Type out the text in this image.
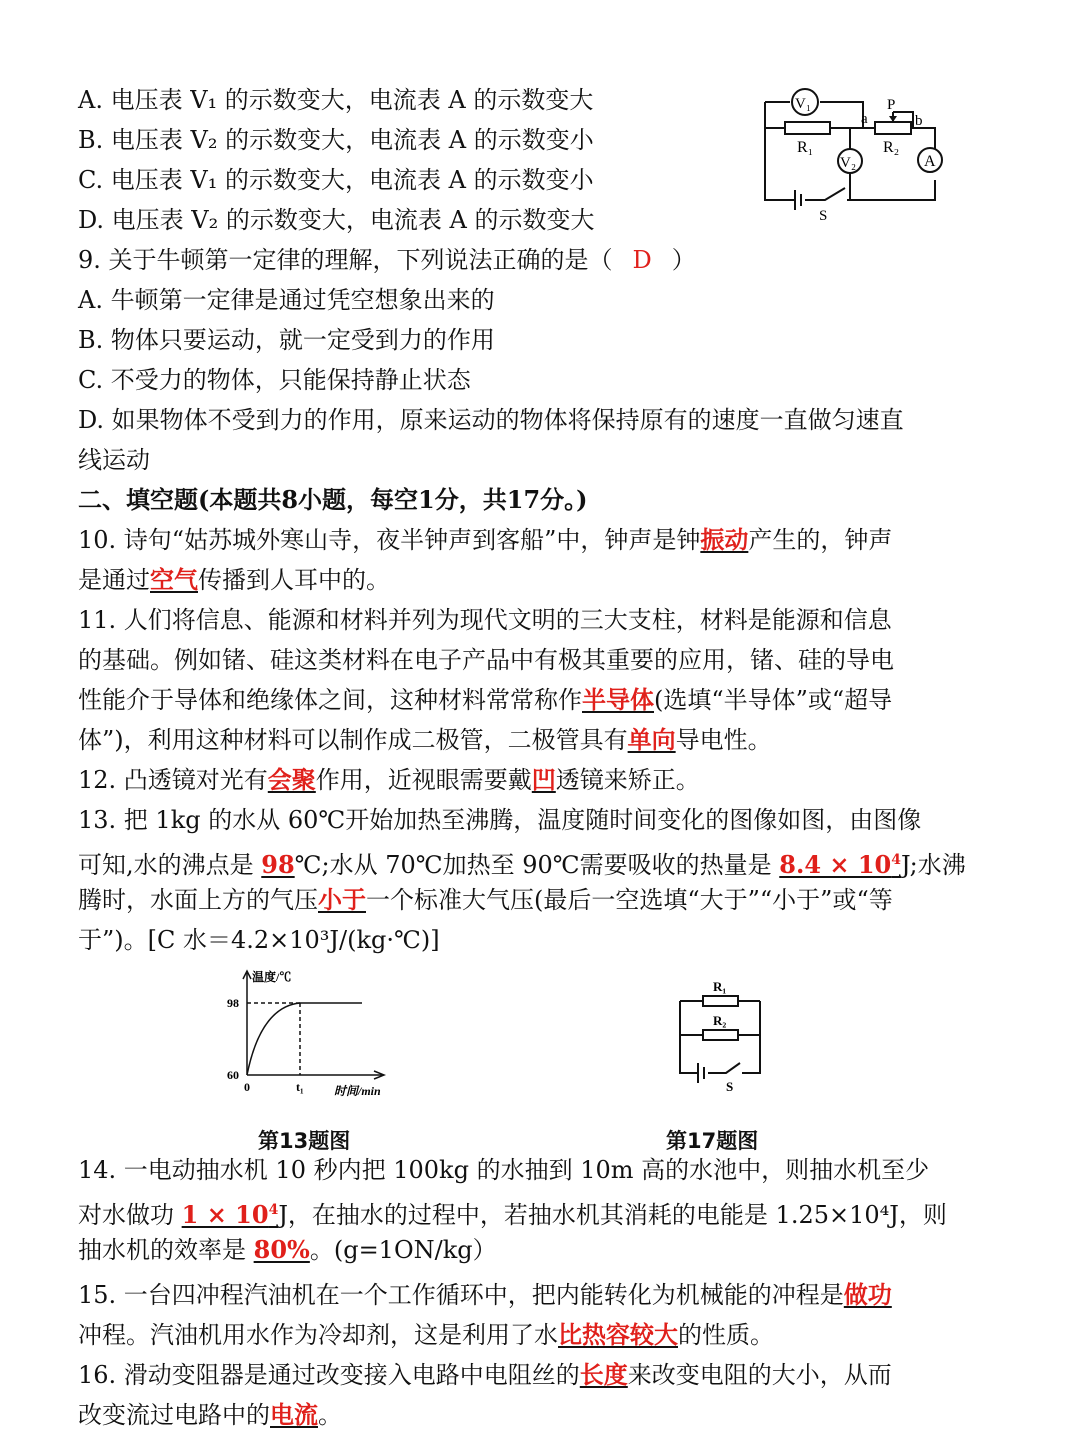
A. 电压表 V₁ 的示数变大，电流表 A 的示数变大
B. 电压表 V₂ 的示数变大，电流表 A 的示数变小
C. 电压表 V₁ 的示数变大，电流表 A 的示数变小
D. 电压表 V₂ 的示数变大，电流表 A 的示数变大
V₁
V₂	A
R₁	R₂
a	b
P
S
9. 关于牛顿第一定律的理解，下列说法正确的是（ D ）
A. 牛顿第一定律是通过凭空想象出来的
B. 物体只要运动，就一定受到力的作用
C. 不受力的物体，只能保持静止状态
D. 如果物体不受到力的作用，原来运动的物体将保持原有的速度一直做匀速直
线运动
二、填空题(本题共8小题，每空1分，共17分。)
10. 诗句“姑苏城外寒山寺，夜半钟声到客船”中，钟声是钟振动产生的，钟声
是通过空气传播到人耳中的。
11. 人们将信息、能源和材料并列为现代文明的三大支柱，材料是能源和信息
的基础。例如锗、硅这类材料在电子产品中有极其重要的应用，锗、硅的导电
性能介于导体和绝缘体之间，这种材料常常称作半导体(选填“半导体”或“超导
体”)，利用这种材料可以制作成二极管，二极管具有单向导电性。
12. 凸透镜对光有会聚作用，近视眼需要戴凹透镜来矫正。
13. 把 1kg 的水从 60℃开始加热至沸腾，温度随时间变化的图像如图，由图像
可知,水的沸点是 98℃;水从 70℃加热至 90℃需要吸收的热量是 $8.4 \times 10^4J$;水沸
腾时，水面上方的气压小于一个标准大气压(最后一空选填“大于”“小于”或“等
于”)。[C 水＝4.2×10³J/(kg·℃)]
温度/℃
98
60
0	t₁	时间/min
R₁
R₂
S
第13题图	第17题图
14. 一电动抽水机 10 秒内把 100kg 的水抽到 10m 高的水池中，则抽水机至少
对水做功 $1 \times 10^4J$，在抽水的过程中，若抽水机其消耗的电能是 1.25×10⁴J，则
抽水机的效率是 80%。(g=1ON/kg）
15. 一台四冲程汽油机在一个工作循环中，把内能转化为机械能的冲程是做功
冲程。汽油机用水作为冷却剂，这是利用了水比热容较大的性质。
16. 滑动变阻器是通过改变接入电路中电阻丝的长度来改变电阻的大小，从而
改变流过电路中的电流。
